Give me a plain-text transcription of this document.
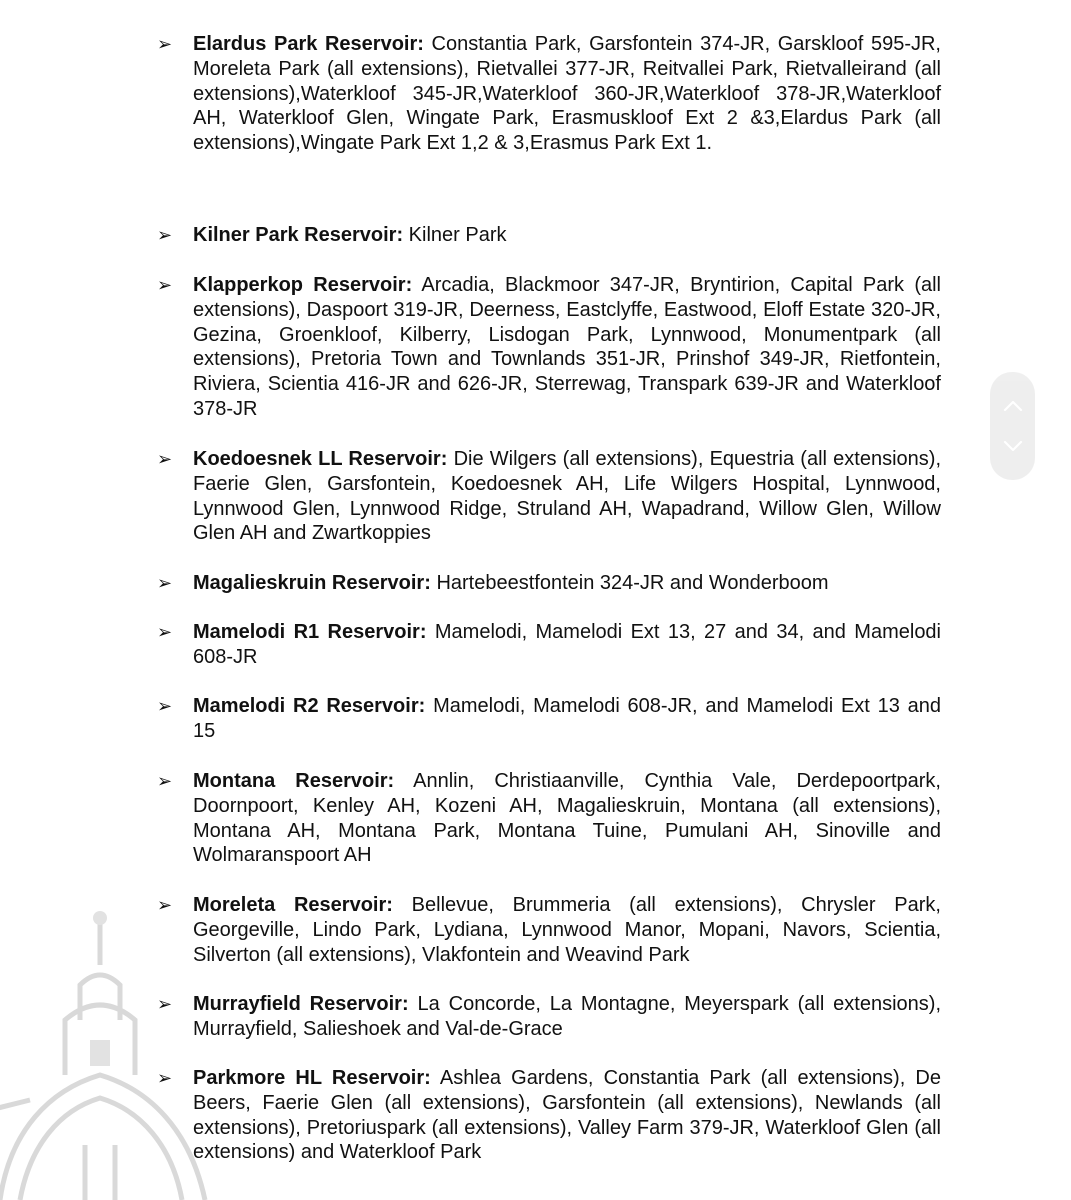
➢	Elardus Park Reservoir: Constantia Park, Garsfontein 374-JR, Garskloof 595-JR, Moreleta Park (all extensions), Rietvallei 377-JR, Reitvallei Park, Rietvalleirand (all extensions),Waterkloof 345-JR,Waterkloof 360-JR,Waterkloof 378-JR,Waterkloof AH, Waterkloof Glen, Wingate Park, Erasmuskloof Ext 2 &3,Elardus Park (all extensions),Wingate Park Ext 1,2 & 3,Erasmus Park Ext 1.
➢	Kilner Park Reservoir: Kilner Park
➢	Klapperkop Reservoir: Arcadia, Blackmoor 347-JR, Bryntirion, Capital Park (all extensions), Daspoort 319-JR, Deerness, Eastclyffe, Eastwood, Eloff Estate 320-JR, Gezina, Groenkloof, Kilberry, Lisdogan Park, Lynnwood, Monumentpark (all extensions), Pretoria Town and Townlands 351-JR, Prinshof 349-JR, Rietfontein, Riviera, Scientia 416-JR and 626-JR, Sterrewag, Transpark 639-JR and Waterkloof 378-JR
➢	Koedoesnek LL Reservoir: Die Wilgers (all extensions), Equestria (all extensions), Faerie Glen, Garsfontein, Koedoesnek AH, Life Wilgers Hospital, Lynnwood, Lynnwood Glen, Lynnwood Ridge, Struland AH, Wapadrand, Willow Glen, Willow Glen AH and Zwartkoppies
➢	Magalieskruin Reservoir: Hartebeestfontein 324-JR and Wonderboom
➢	Mamelodi R1 Reservoir: Mamelodi, Mamelodi Ext 13, 27 and 34, and Mamelodi 608-JR
➢	Mamelodi R2 Reservoir: Mamelodi, Mamelodi 608-JR, and Mamelodi Ext 13 and 15
➢	Montana Reservoir: Annlin, Christiaanville, Cynthia Vale, Derdepoortpark, Doornpoort, Kenley AH, Kozeni AH, Magalieskruin, Montana (all extensions), Montana AH, Montana Park, Montana Tuine, Pumulani AH, Sinoville and Wolmaranspoort AH
➢	Moreleta Reservoir: Bellevue, Brummeria (all extensions), Chrysler Park, Georgeville, Lindo Park, Lydiana, Lynnwood Manor, Mopani, Navors, Scientia, Silverton (all extensions), Vlakfontein and Weavind Park
➢	Murrayfield Reservoir: La Concorde, La Montagne, Meyerspark (all extensions), Murrayfield, Salieshoek and Val-de-Grace
➢	Parkmore HL Reservoir: Ashlea Gardens, Constantia Park (all extensions), De Beers, Faerie Glen (all extensions), Garsfontein (all extensions), Newlands (all extensions), Pretoriuspark (all extensions), Valley Farm 379-JR, Waterkloof Glen (all extensions) and Waterkloof Park
